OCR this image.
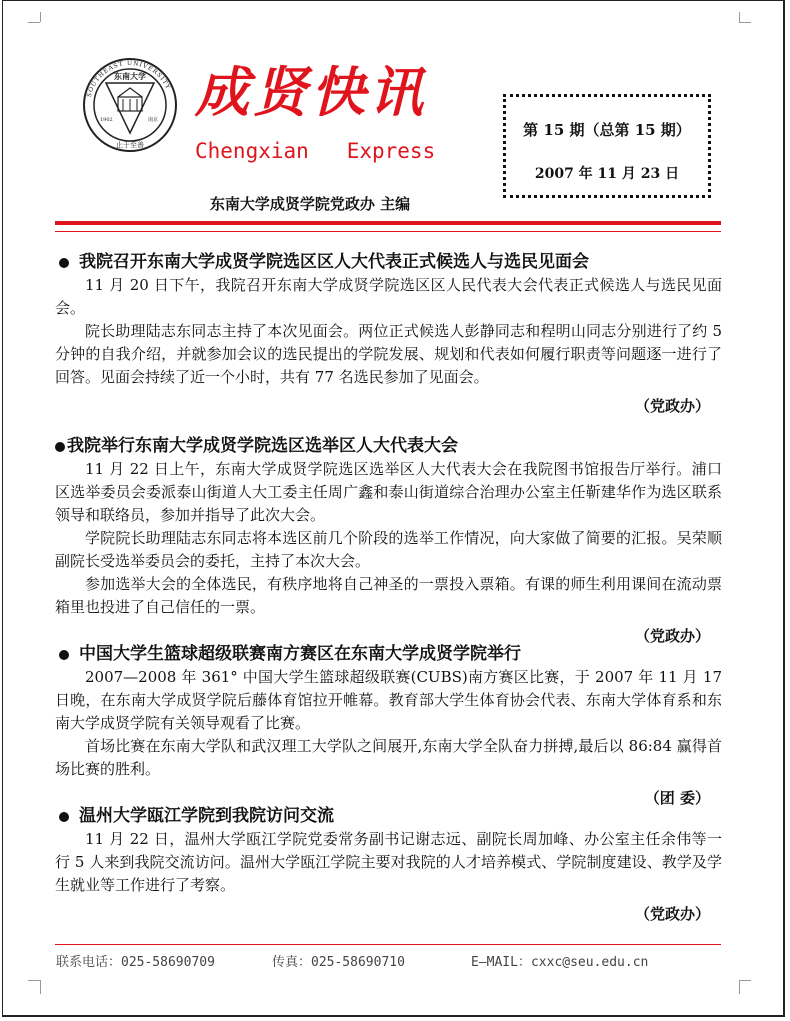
东南大学
1902	南京
止于至善
SOUTHEAST UNIVERSITY 成贤快讯
Chengxian   Express
第 15 期（总第 15 期）
2007 年 11 月 23 日
东南大学成贤学院党政办 主编
我院召开东南大学成贤学院选区区人大代表正式候选人与选民见面会

11 月 20 日下午，我院召开东南大学成贤学院选区区人民代表大会代表正式候选人与选民见面会。

院长助理陆志东同志主持了本次见面会。两位正式候选人彭静同志和程明山同志分别进行了约 5 分钟的自我介绍，并就参加会议的选民提出的学院发展、规划和代表如何履行职责等问题逐一进行了回答。见面会持续了近一个小时，共有 77 名选民参加了见面会。

（党政办）
我院举行东南大学成贤学院选区选举区人大代表大会

11 月 22 日上午，东南大学成贤学院选区选举区人大代表大会在我院图书馆报告厅举行。浦口区选举委员会委派泰山街道人大工委主任周广鑫和泰山街道综合治理办公室主任靳建华作为选区联系领导和联络员，参加并指导了此次大会。

学院院长助理陆志东同志将本选区前几个阶段的选举工作情况，向大家做了简要的汇报。吴荣顺副院长受选举委员会的委托，主持了本次大会。

参加选举大会的全体选民，有秩序地将自己神圣的一票投入票箱。有课的师生利用课间在流动票箱里也投进了自己信任的一票。

（党政办）
中国大学生篮球超级联赛南方赛区在东南大学成贤学院举行

2007—2008 年 361° 中国大学生篮球超级联赛(CUBS)南方赛区比赛，于 2007 年 11 月 17 日晚，在东南大学成贤学院后藤体育馆拉开帷幕。教育部大学生体育协会代表、东南大学体育系和东南大学成贤学院有关领导观看了比赛。

首场比赛在东南大学队和武汉理工大学队之间展开,东南大学全队奋力拼搏,最后以 86:84 赢得首场比赛的胜利。

（团 委）
温州大学瓯江学院到我院访问交流

11 月 22 日，温州大学瓯江学院党委常务副书记谢志远、副院长周加峰、办公室主任余伟等一行 5 人来到我院交流访问。温州大学瓯江学院主要对我院的人才培养模式、学院制度建设、教学及学生就业等工作进行了考察。

（党政办）
联系电话：025-58690709	传真：025-58690710	E—MAIL：cxxc@seu.edu.cn
